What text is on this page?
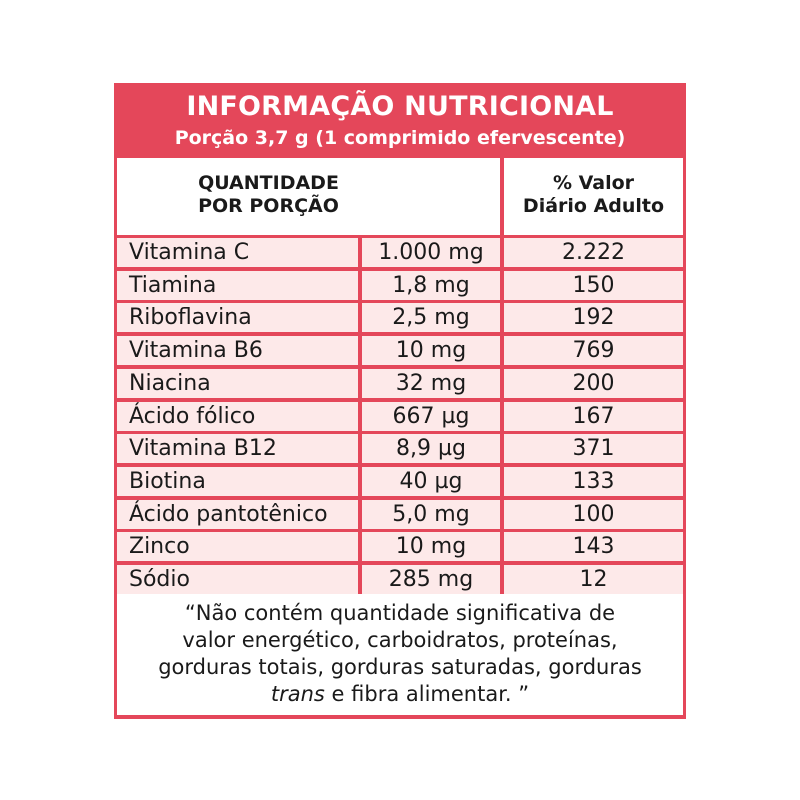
INFORMAÇÃO NUTRICIONAL
Porção 3,7 g (1 comprimido efervescente)
QUANTIDADE
POR PORÇÃO
% Valor
Diário Adulto
Vitamina C	1.000 mg	2.222
Tiamina	1,8 mg	150
Riboflavina	2,5 mg	192
Vitamina B6	10 mg	769
Niacina	32 mg	200
Ácido fólico	667 µg	167
Vitamina B12	8,9 µg	371
Biotina	40 µg	133
Ácido pantotênico	5,0 mg	100
Zinco	10 mg	143
Sódio	285 mg	12
“Não contém quantidade significativa de
valor energético, carboidratos, proteínas,
gorduras totais, gorduras saturadas, gorduras
trans e fibra alimentar. ”
